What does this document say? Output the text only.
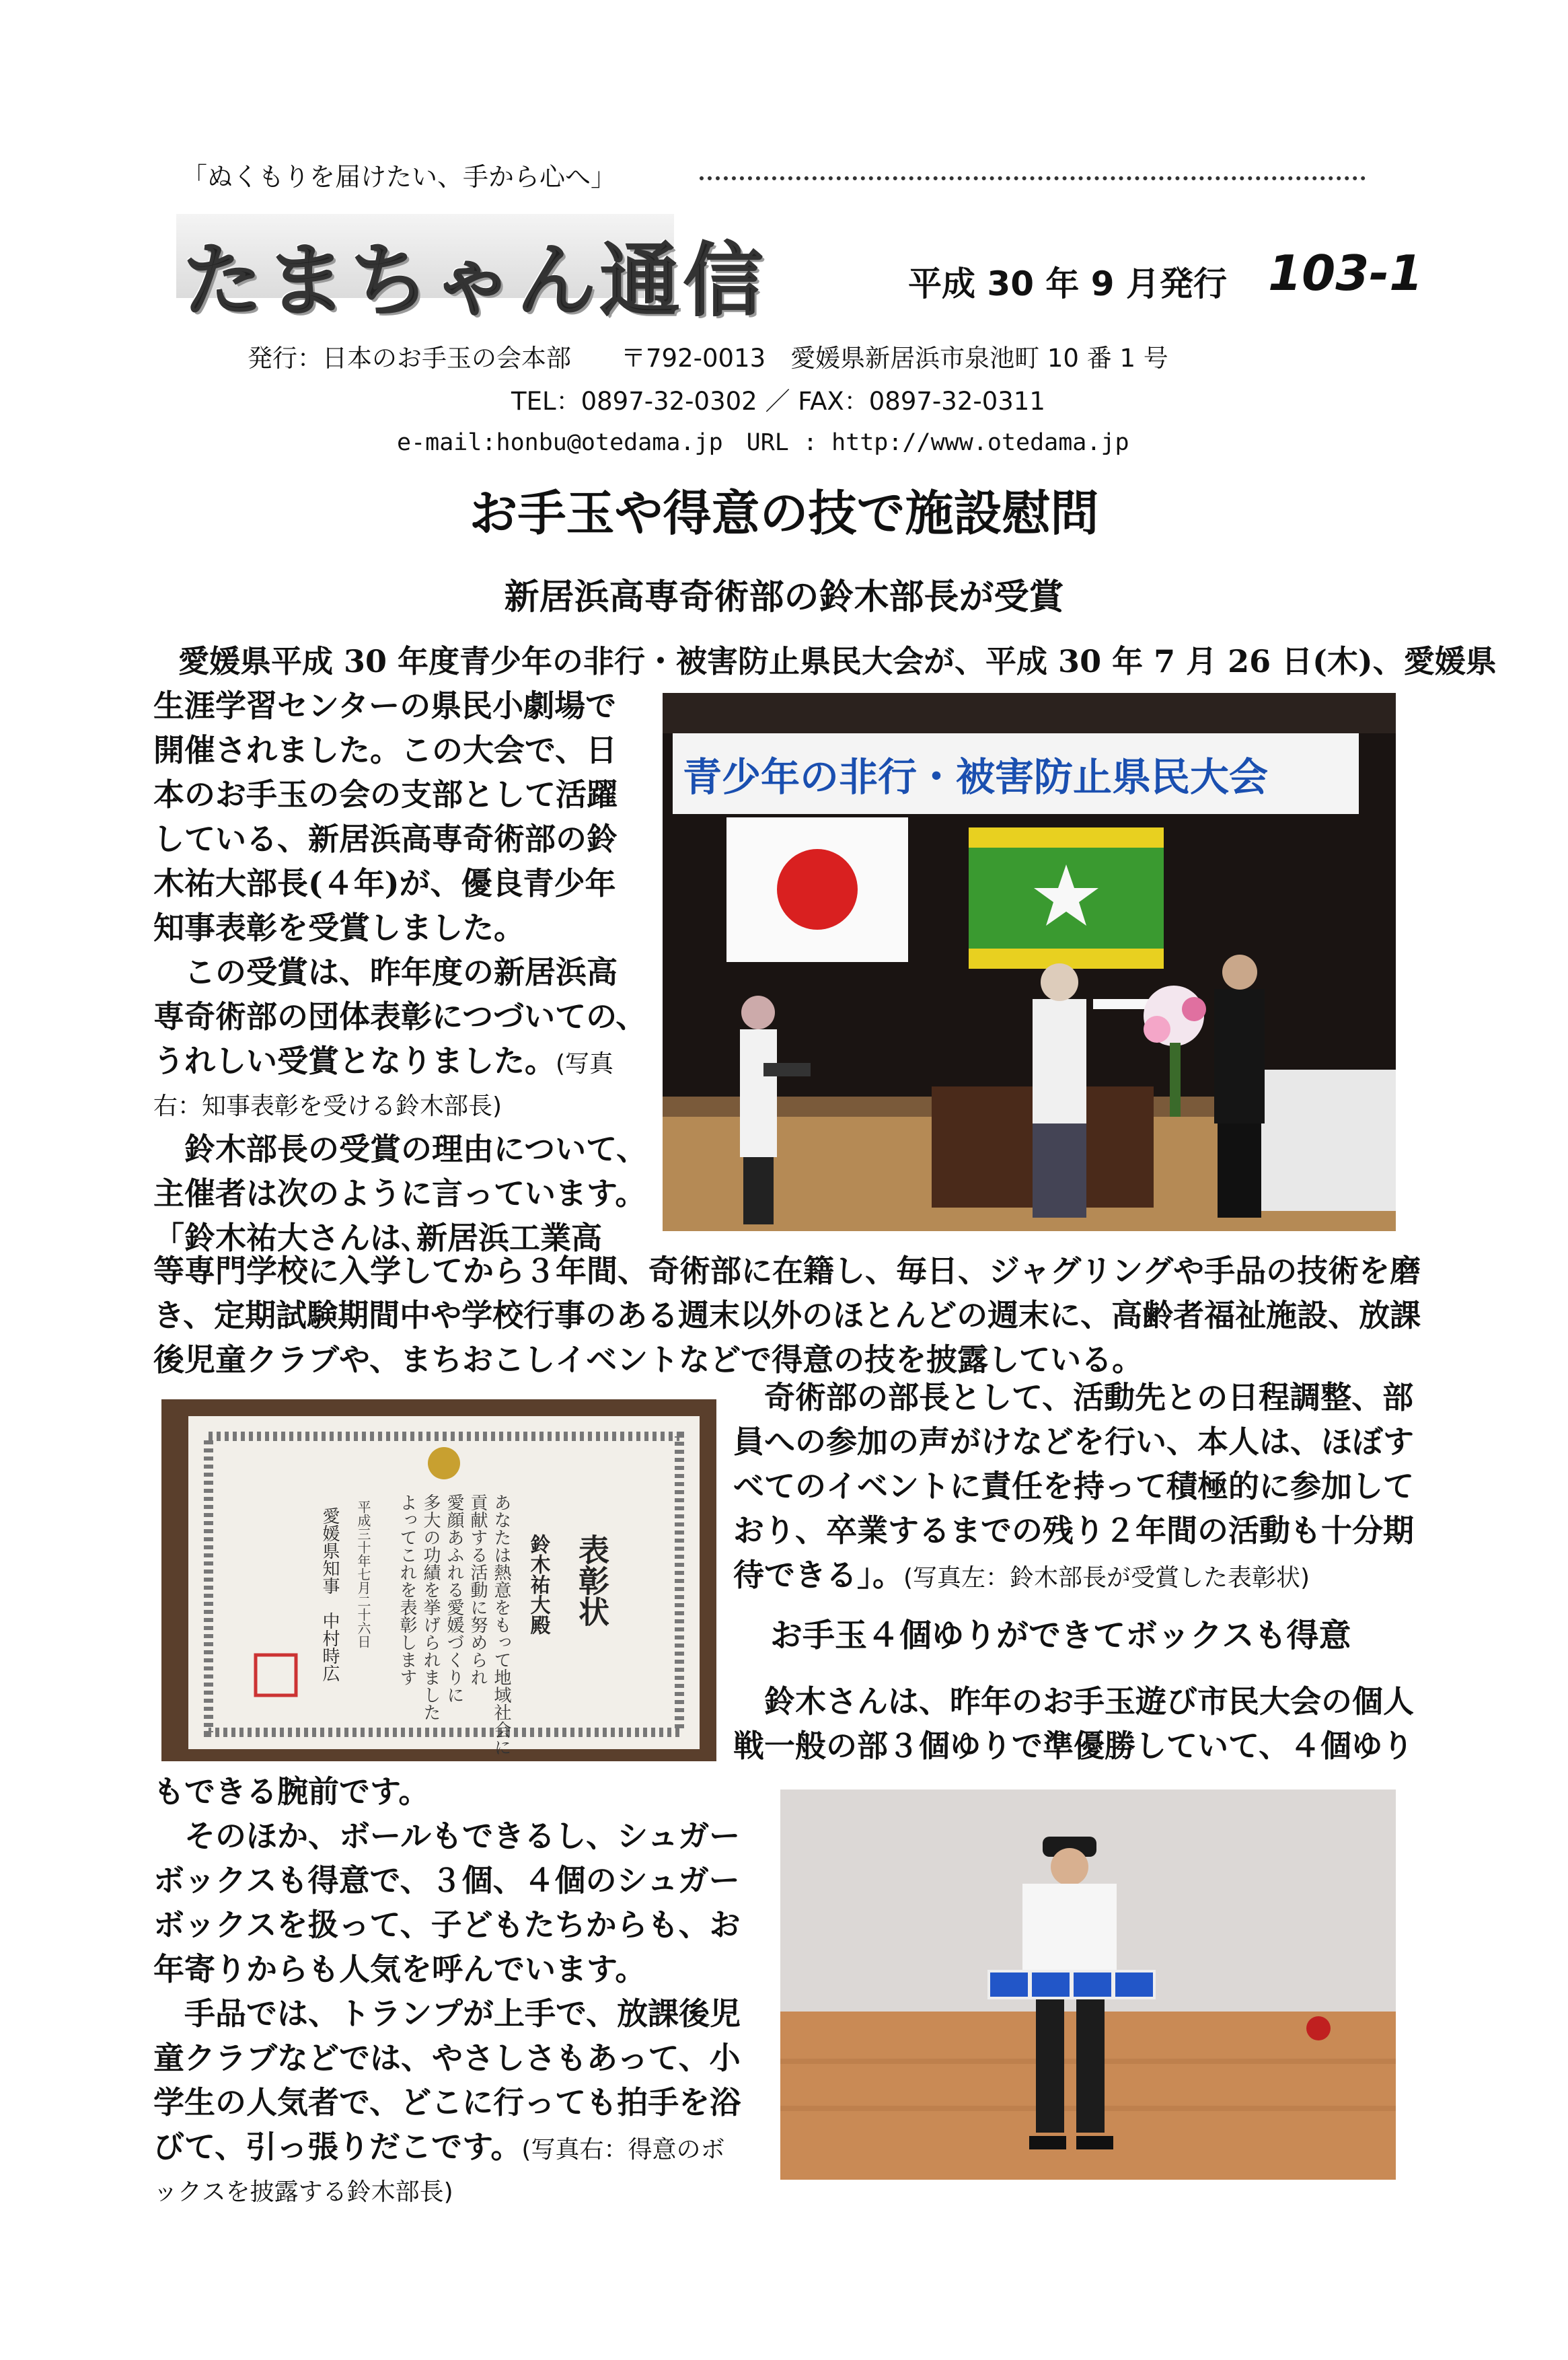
「ぬくもりを届けたい、手から心へ」
たまちゃん通信	平成 30 年 9 月発行 103-1
発行：日本のお手玉の会本部　　〒792-0013　愛媛県新居浜市泉池町 10 番 1 号
TEL：0897-32-0302 ／ FAX：0897-32-0311
e-mail:honbu@otedama.jp　URL : http://www.otedama.jp
お手玉や得意の技で施設慰問
新居浜高専奇術部の鈴木部長が受賞
愛媛県平成 30 年度青少年の非行・被害防止県民大会が、平成 30 年 7 月 26 日(木)、愛媛県
生涯学習センターの県民小劇場で
開催されました。この大会で、日
本のお手玉の会の支部として活躍
している、新居浜高専奇術部の鈴
木祐大部長(４年)が、優良青少年
知事表彰を受賞しました。
この受賞は、昨年度の新居浜高
専奇術部の団体表彰につづいての、
うれしい受賞となりました。(写真
右：知事表彰を受ける鈴木部長)
鈴木部長の受賞の理由について、
主催者は次のように言っています。
「鈴木祐大さんは､新居浜工業高
青少年の非行・被害防止県民大会
等専門学校に入学してから３年間、奇術部に在籍し、毎日、ジャグリングや手品の技術を磨
き、定期試験期間中や学校行事のある週末以外のほとんどの週末に、高齢者福祉施設、放課
後児童クラブや、まちおこしイベントなどで得意の技を披露している。
表彰状
鈴木祐大殿
あなたは熱意をもって地域社会に
貢献する活動に努められ
愛顔あふれる愛媛づくりに
多大の功績を挙げられました
よってこれを表彰します
平成三十年七月二十六日
愛媛県知事　中村時広
奇術部の部長として、活動先との日程調整、部
員への参加の声がけなどを行い、本人は、ほぼす
べてのイベントに責任を持って積極的に参加して
おり、卒業するまでの残り２年間の活動も十分期
待できる」。(写真左：鈴木部長が受賞した表彰状)
お手玉４個ゆりができてボックスも得意
鈴木さんは、昨年のお手玉遊び市民大会の個人
戦一般の部３個ゆりで準優勝していて、４個ゆり
もできる腕前です。
そのほか、ボールもできるし、シュガー
ボックスも得意で、３個、４個のシュガー
ボックスを扱って、子どもたちからも、お
年寄りからも人気を呼んでいます。
手品では、トランプが上手で、放課後児
童クラブなどでは、やさしさもあって、小
学生の人気者で、どこに行っても拍手を浴
びて、引っ張りだこです。(写真右：得意のボ
ックスを披露する鈴木部長)
